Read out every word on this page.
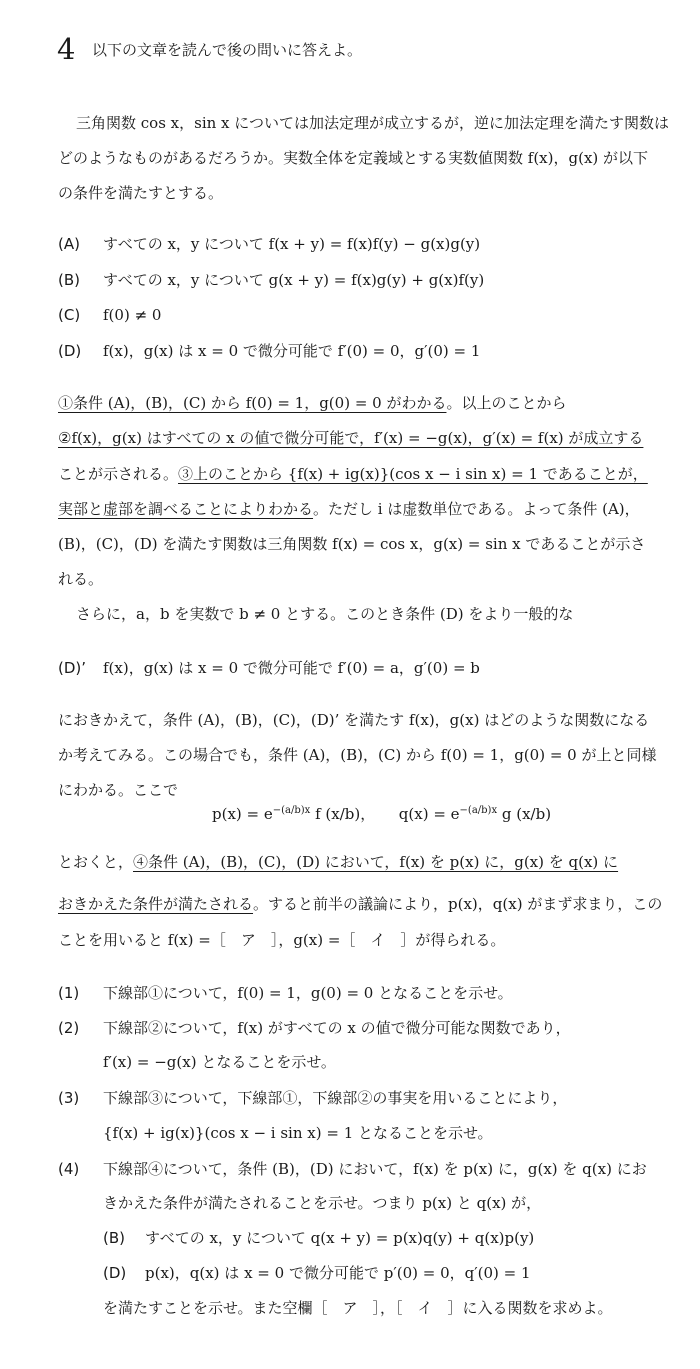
4 以下の文章を読んで後の問いに答えよ。
三角関数 cos x，sin x については加法定理が成立するが，逆に加法定理を満たす関数は
どのようなものがあるだろうか。実数全体を定義域とする実数値関数 f(x)，g(x) が以下
の条件を満たすとする。
(A) すべての x，y について f(x + y) = f(x)f(y) − g(x)g(y)
(B) すべての x，y について g(x + y) = f(x)g(y) + g(x)f(y)
(C) f(0) ≠ 0
(D) f(x)，g(x) は x = 0 で微分可能で f′(0) = 0，g′(0) = 1
①条件 (A)，(B)，(C) から f(0) = 1，g(0) = 0 がわかる。以上のことから
②f(x)，g(x) はすべての x の値で微分可能で，f′(x) = −g(x)，g′(x) = f(x) が成立する
ことが示される。③上のことから {f(x) + ig(x)}(cos x − i sin x) = 1 であることが，
実部と虚部を調べることによりわかる。ただし i は虚数単位である。よって条件 (A)，
(B)，(C)，(D) を満たす関数は三角関数 f(x) = cos x，g(x) = sin x であることが示さ
れる。
さらに，a，b を実数で b ≠ 0 とする。このとき条件 (D) をより一般的な
(D)’ f(x)，g(x) は x = 0 で微分可能で f′(0) = a，g′(0) = b
におきかえて，条件 (A)，(B)，(C)，(D)’ を満たす f(x)，g(x) はどのような関数になる
か考えてみる。この場合でも，条件 (A)，(B)，(C) から f(0) = 1，g(0) = 0 が上と同様
にわかる。ここで
$p(x) = e^{-(a/b)x}$ f (x/b)， $q(x) = e^{-(a/b)x}$ g (x/b)
とおくと，④条件 (A)，(B)，(C)，(D) において，f(x) を p(x) に，g(x) を q(x) に
おきかえた条件が満たされる。すると前半の議論により，p(x)，q(x) がまず求まり，この
ことを用いると f(x) =［　ア　］，g(x) =［　イ　］が得られる。
(1) 下線部①について，f(0) = 1，g(0) = 0 となることを示せ。
(2) 下線部②について，f(x) がすべての x の値で微分可能な関数であり，
f′(x) = −g(x) となることを示せ。
(3) 下線部③について，下線部①，下線部②の事実を用いることにより，
{f(x) + ig(x)}(cos x − i sin x) = 1 となることを示せ。
(4) 下線部④について，条件 (B)，(D) において，f(x) を p(x) に，g(x) を q(x) にお
きかえた条件が満たされることを示せ。つまり p(x) と q(x) が，
(B) すべての x，y について q(x + y) = p(x)q(y) + q(x)p(y)
(D) p(x)，q(x) は x = 0 で微分可能で p′(0) = 0，q′(0) = 1
を満たすことを示せ。また空欄［　ア　］，［　イ　］に入る関数を求めよ。
